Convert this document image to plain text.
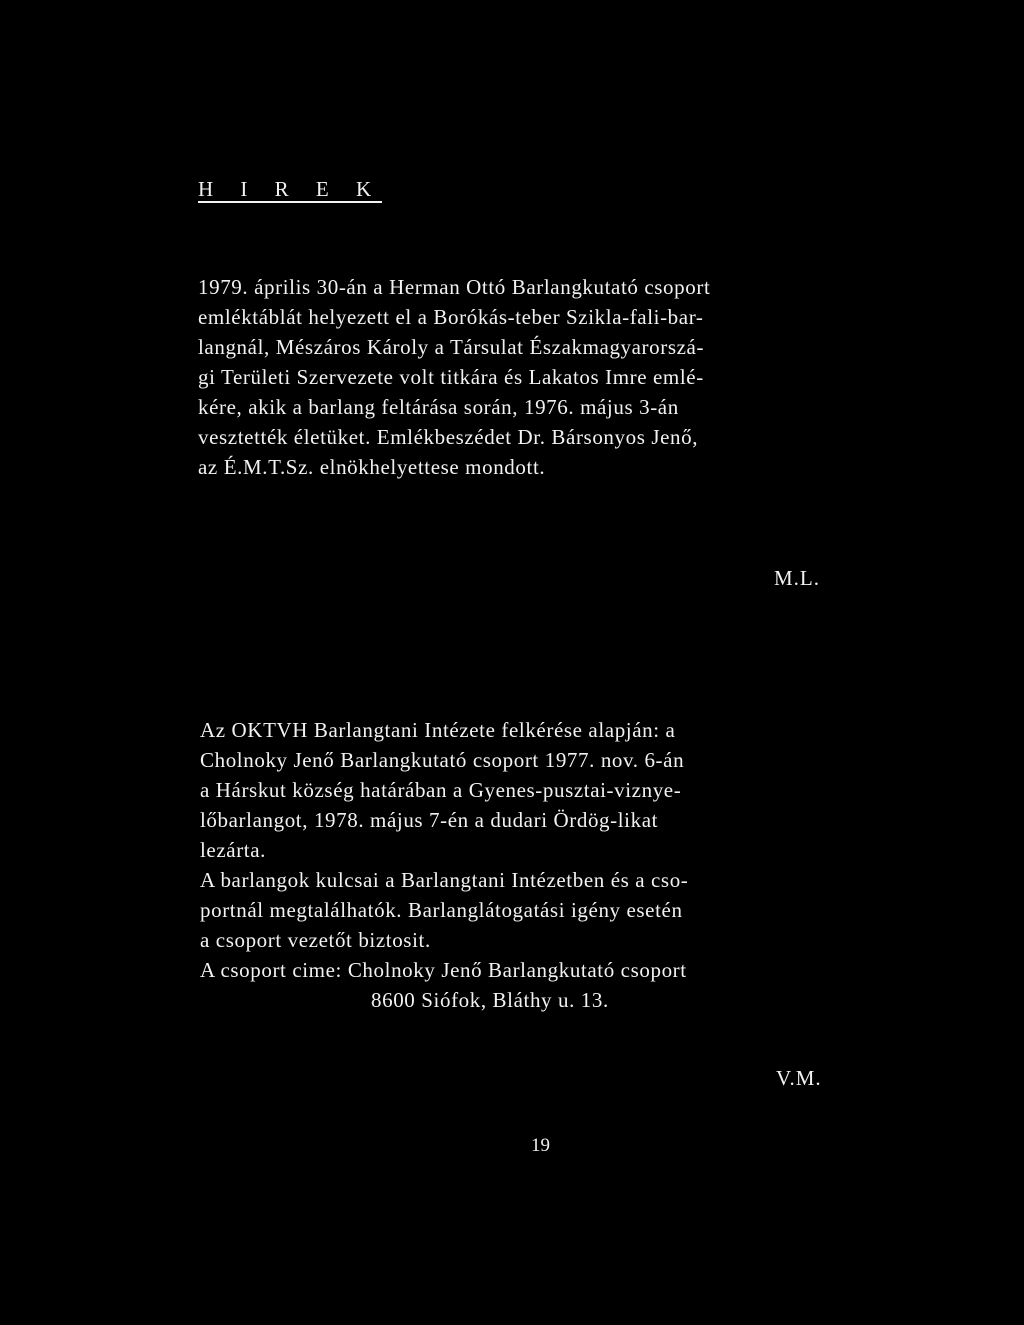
H I R E K
1979. április 30-án a Herman Ottó Barlangkutató csoport
emléktáblát helyezett el a Borókás-teber Szikla-fali-bar-
langnál, Mészáros Károly a Társulat Északmagyarorszá-
gi Területi Szervezete volt titkára és Lakatos Imre emlé-
kére, akik a barlang feltárása során, 1976. május 3-án
vesztették életüket. Emlékbeszédet Dr. Bársonyos Jenő,
az É.M.T.Sz. elnökhelyettese mondott.
M.L.
Az OKTVH Barlangtani Intézete felkérése alapján: a
Cholnoky Jenő Barlangkutató csoport 1977. nov. 6-án
a Hárskut község határában a Gyenes-pusztai-viznye-
lőbarlangot, 1978. május 7-én a dudari Ördög-likat
lezárta.
A barlangok kulcsai a Barlangtani Intézetben és a cso-
portnál megtalálhatók. Barlanglátogatási igény esetén
a csoport vezetőt biztosit.
A csoport cime: Cholnoky Jenő Barlangkutató csoport
8600 Siófok, Bláthy u. 13.
V.M.
19
